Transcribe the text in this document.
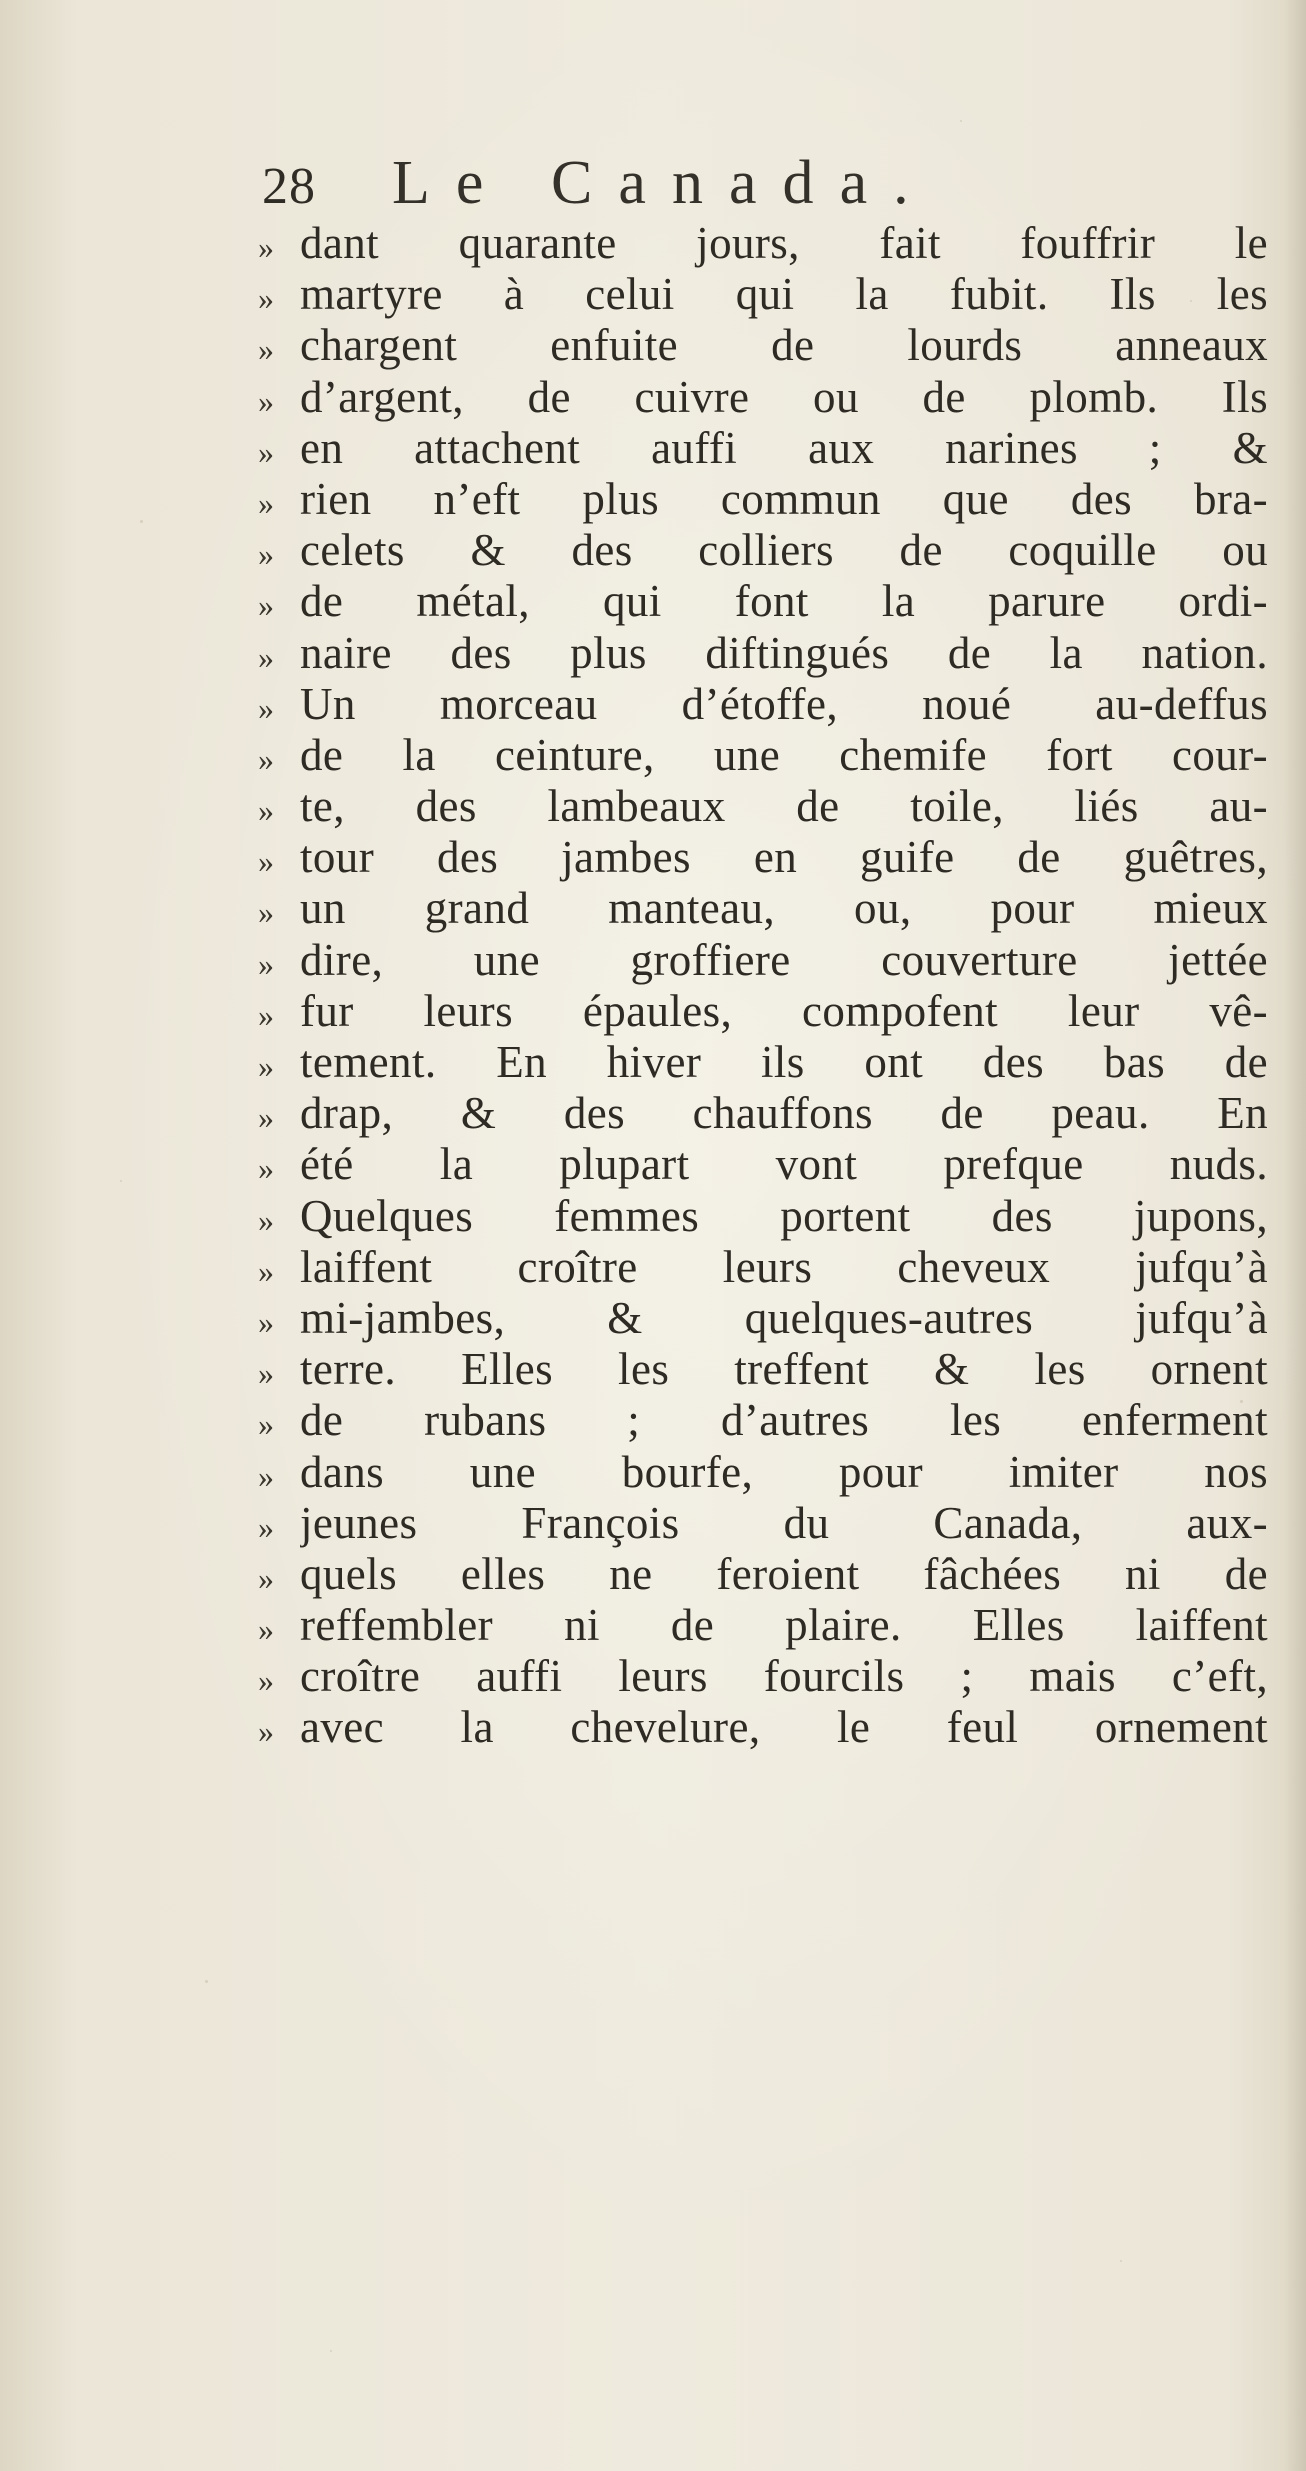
28 Le Canada.
» dant quarante jours, fait fouffrir le
» martyre à celui qui la fubit. Ils les
» chargent enfuite de lourds anneaux
» d’argent, de cuivre ou de plomb. Ils
» en attachent auffi aux narines ; &
» rien n’eft plus commun que des bra-
» celets & des colliers de coquille ou
» de métal, qui font la parure ordi-
» naire des plus diftingués de la nation.
» Un morceau d’étoffe, noué au-deffus
» de la ceinture, une chemife fort cour-
» te, des lambeaux de toile, liés au-
» tour des jambes en guife de guêtres,
» un grand manteau, ou, pour mieux
» dire, une groffiere couverture jettée
» fur leurs épaules, compofent leur vê-
» tement. En hiver ils ont des bas de
» drap, & des chauffons de peau. En
» été la plupart vont prefque nuds.
» Quelques femmes portent des jupons,
» laiffent croître leurs cheveux jufqu’à
» mi-jambes, & quelques-autres jufqu’à
» terre. Elles les treffent & les ornent
» de rubans ; d’autres les enferment
» dans une bourfe, pour imiter nos
» jeunes François du Canada, aux-
» quels elles ne feroient fâchées ni de
» reffembler ni de plaire. Elles laiffent
» croître auffi leurs fourcils ; mais c’eft,
» avec la chevelure, le feul ornement
